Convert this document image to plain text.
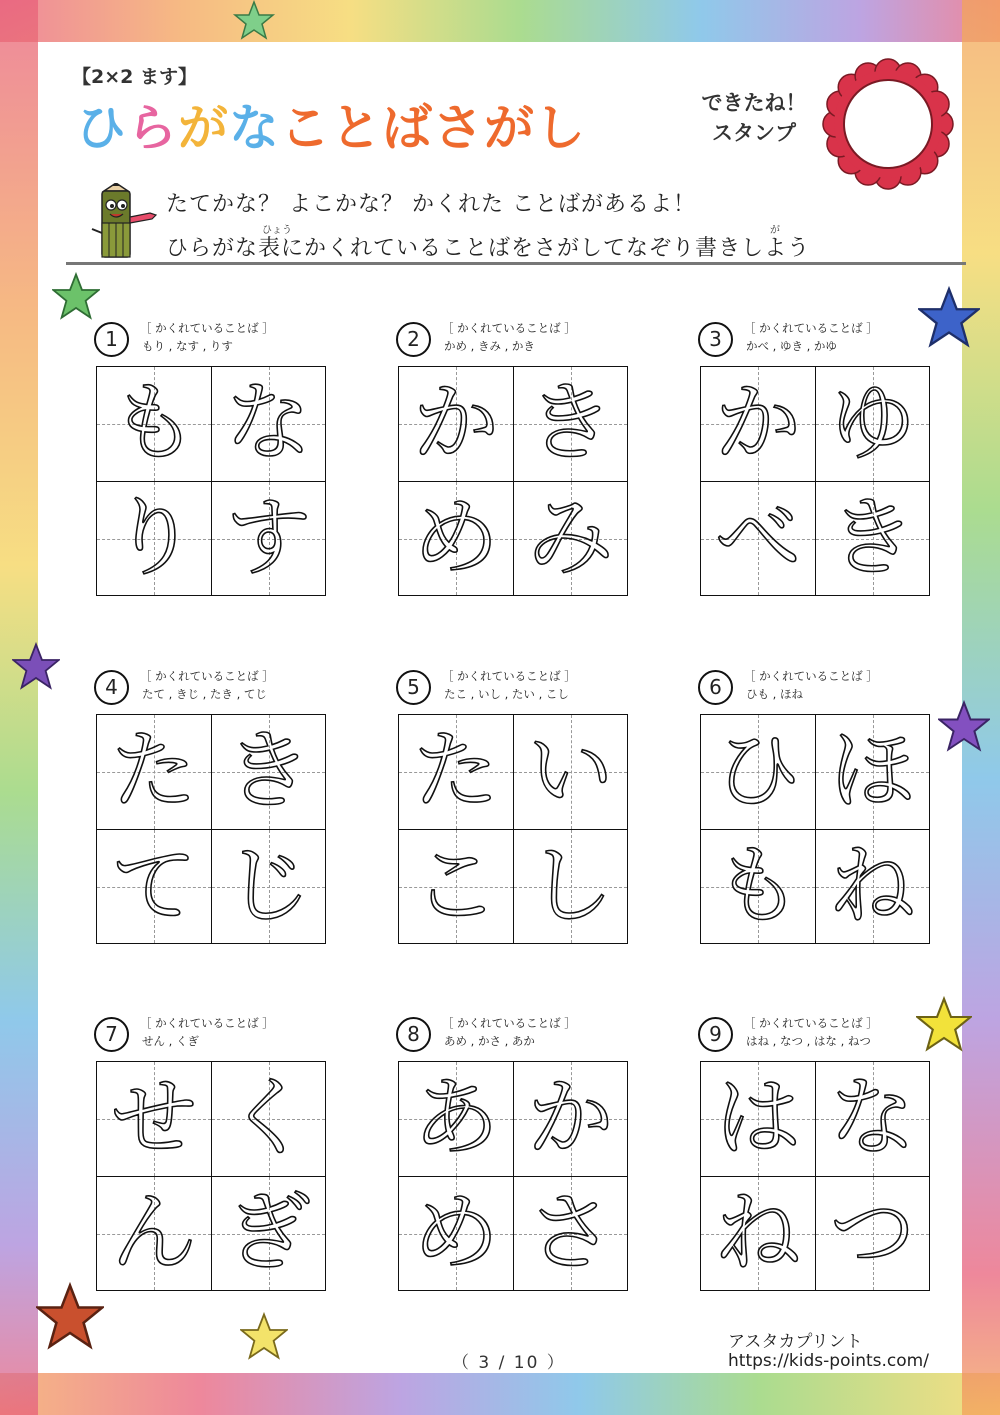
【2×2 ます】
ひらがなことばさがし	できたね！
スタンプ
たてかな？ よこかな？ かくれた ことばがあるよ！
ひょう	が
ひらがな表にかくれていることばをさがしてなぞり書きしよう
1	［ かくれていることば ］
もり , なす , りす
も な
り す
2	［ かくれていることば ］
かめ , きみ , かき
か き
め み
3	［ かくれていることば ］
かべ , ゆき , かゆ
か ゆ
べ き
4	［ かくれていることば ］
たて , きじ , たき , てじ
た き
て じ
5	［ かくれていることば ］
たこ , いし , たい , こし
た い
こ し
6	［ かくれていることば ］
ひも , ほね
ひ ほ
も ね
7	［ かくれていることば ］
せん , くぎ
せ く
ん ぎ
8	［ かくれていることば ］
あめ , かさ , あか
あ か
め さ
9	［ かくれていることば ］
はね , なつ , はな , ねつ
は な
ね つ
（ 3 / 10 ）
アスタカプリント
https://kids-points.com/
